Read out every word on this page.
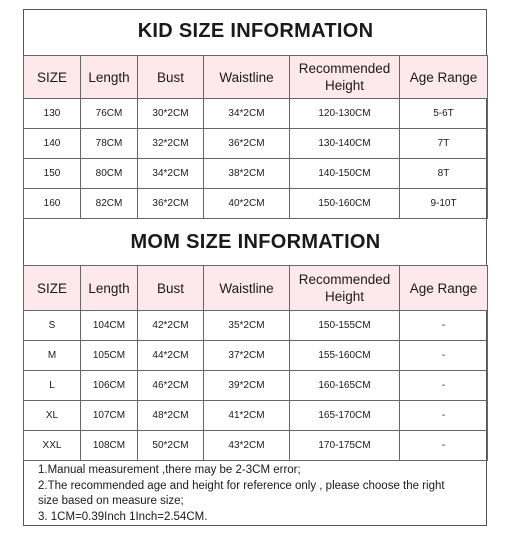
KID SIZE INFORMATION
SIZE	Length	Bust	Waistline	Recommended Height	Age Range
130	76CM	30*2CM	34*2CM	120-130CM	5-6T
140	78CM	32*2CM	36*2CM	130-140CM	7T
150	80CM	34*2CM	38*2CM	140-150CM	8T
160	82CM	36*2CM	40*2CM	150-160CM	9-10T
MOM SIZE INFORMATION
SIZE	Length	Bust	Waistline	Recommended Height	Age Range
S	104CM	42*2CM	35*2CM	150-155CM	-
M	105CM	44*2CM	37*2CM	155-160CM	-
L	106CM	46*2CM	39*2CM	160-165CM	-
XL	107CM	48*2CM	41*2CM	165-170CM	-
XXL	108CM	50*2CM	43*2CM	170-175CM	-
1.Manual measurement ,there may be 2-3CM error;
2.The recommended age and height for reference only , please choose the right
size based on measure size;
3. 1CM=0.39Inch 1Inch=2.54CM.
